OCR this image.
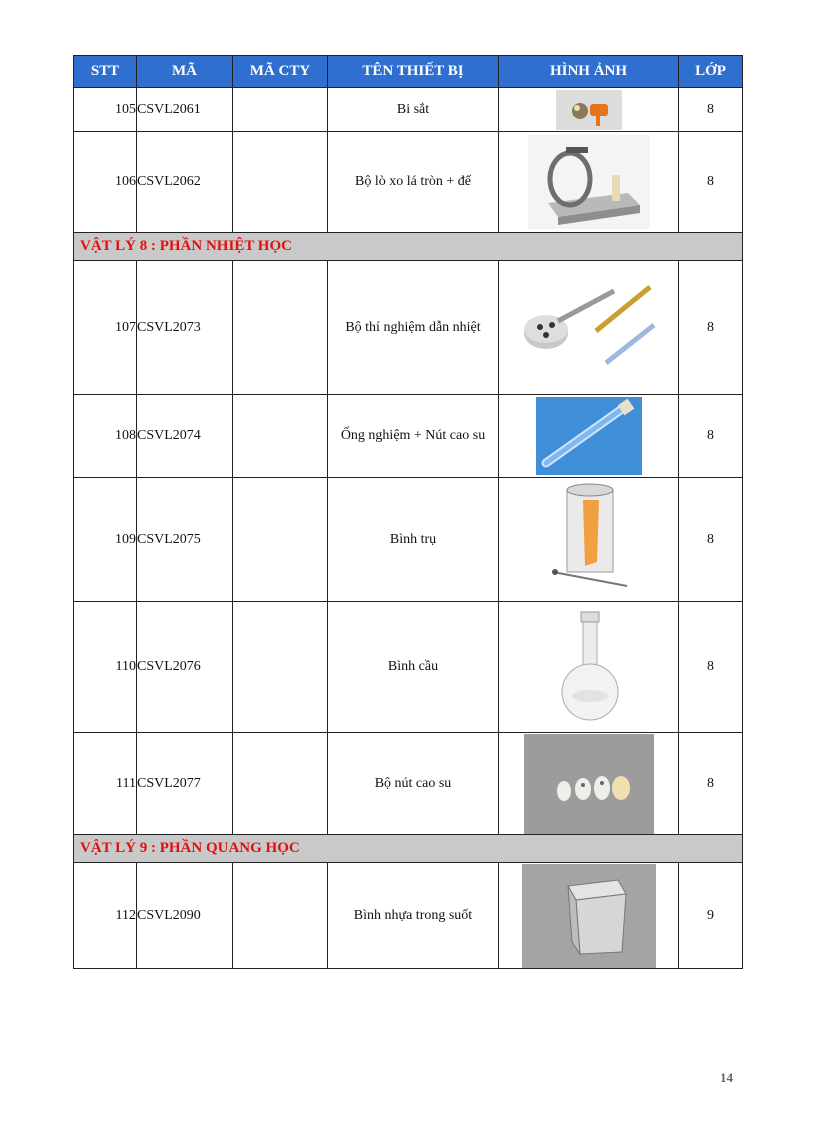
STT	MÃ	MÃ CTY	TÊN THIẾT BỊ	HÌNH ẢNH	LỚP
105	CSVL2061		Bi sắt		8
106	CSVL2062		Bộ lò xo lá tròn + đế		8
VẬT LÝ 8 : PHẦN NHIỆT HỌC					
107	CSVL2073		Bộ thí nghiệm dẫn nhiệt		8
108	CSVL2074		Ống nghiệm + Nút cao su		8
109	CSVL2075		Bình trụ		8
110	CSVL2076		Bình cầu		8
111	CSVL2077		Bộ nút cao su		8
VẬT LÝ 9 : PHẦN QUANG HỌC					
112	CSVL2090		Bình nhựa trong suốt		9
14
